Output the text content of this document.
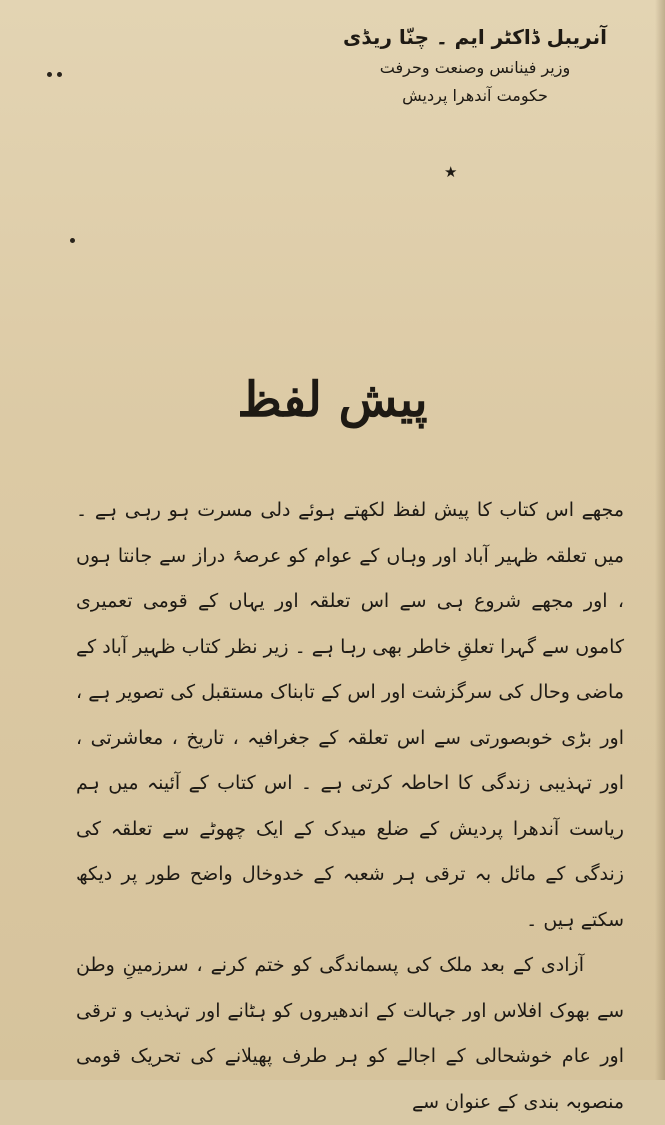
آنریبل ڈاکٹر ایم ۔ چنّا ریڈی
وزیر فینانس وصنعت وحرفت
حکومت آندھرا پردیش
★
پیش لفظ

مجھے اس کتاب کا پیش لفظ لکھتے ہوئے دلی مسرت ہو رہی ہے ۔ میں تعلقہ ظہیر آباد اور وہاں کے عوام کو عرصۂ دراز سے جانتا ہوں ، اور مجھے شروع ہی سے اس تعلقہ اور یہاں کے قومی تعمیری کاموں سے گہرا تعلقِ خاطر بھی رہا ہے ۔ زیر نظر کتاب ظہیر آباد کے ماضی وحال کی سرگزشت اور اس کے تابناک مستقبل کی تصویر ہے ، اور بڑی خوبصورتی سے اس تعلقہ کے جغرافیہ ، تاریخ ، معاشرتی ، اور تہذیبی زندگی کا احاطہ کرتی ہے ۔ اس کتاب کے آئینہ میں ہم ریاست آندھرا پردیش کے ضلع میدک کے ایک چھوٹے سے تعلقہ کی زندگی کے مائل بہ ترقی ہر شعبہ کے خدوخال واضح طور پر دیکھ سکتے ہیں ۔

آزادی کے بعد ملک کی پسماندگی کو ختم کرنے ، سرزمینِ وطن سے بھوک افلاس اور جہالت کے اندھیروں کو ہٹانے اور تہذیب و ترقی اور عام خوشحالی کے اجالے کو ہر طرف پھیلانے کی تحریک قومی منصوبہ بندی کے عنوان سے
